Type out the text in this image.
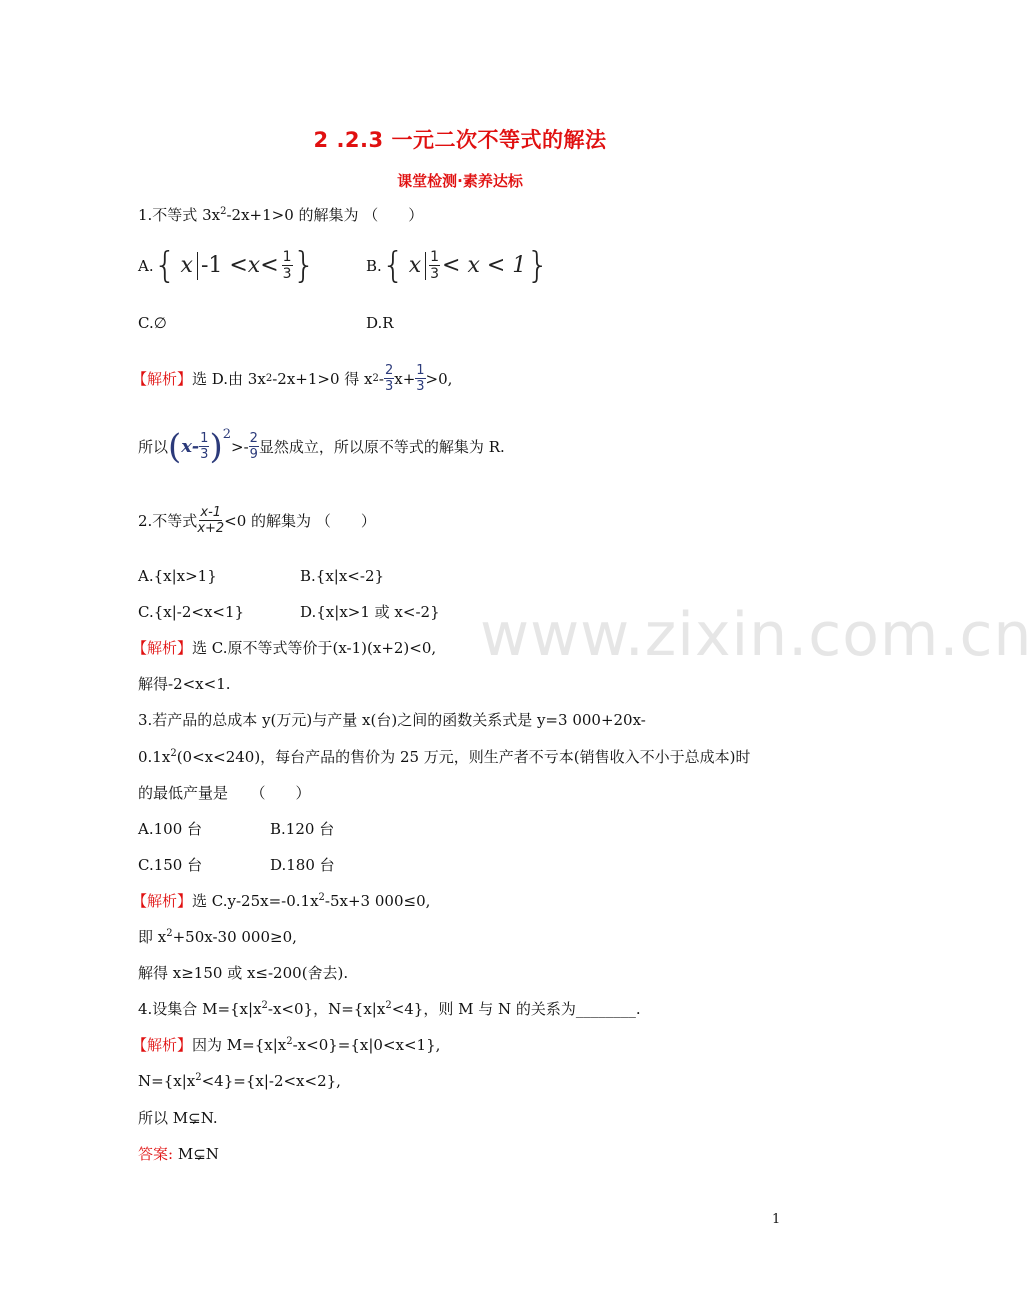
www.zixin.com.cn
2 .2.3 一元二次不等式的解法
课堂检测·素养达标
1.不等式 $3x^2-2x+1>0$ 的解集为 （　　）
A. { x $-1 < x < \frac{1}{3}$ }	B. { x $\frac{1}{3} < x < 1$ }
C.∅	D.R
【解析】 选 D.由 3x 2 -2x+1>0 得 x $2 - \frac{2}{3} x+ \frac{1}{3} >0$,
所以 ( $x- \frac{1}{3}$ ) 2
>- $\frac{2}{9}$ 显然成立，所以原不等式的解集为 R.
2.不等式 $\frac{x-1}{x+2} <0$ 的解集为 （　　）
A.{x|x>1}	B.{x|x<-2}
C.{x|-2<x<1}	D.{x|x>1 或 x<-2}
【解析】选 C.原不等式等价于(x-1)(x+2)<0,
解得-2<x<1.
3.若产品的总成本 y(万元)与产量 x(台)之间的函数关系式是 y=3 000+20x-
$0.1x^2(0<x<240)$，每台产品的售价为 25 万元，则生产者不亏本(销售收入不小于总成本)时
的最低产量是　　（　　）
A.100 台	B.120 台
C.150 台	D.180 台
【解析】选 $C.y-25x=-0.1x^2-5x+3$ 000≤0,
即 $x^2+50x-30$ 000≥0,
解得 x≥150 或 x≤-200(舍去).
4.设集合 $M=\{x|x^2-x<0\}$，$N=\{x|x^2<4\}$，则 M 与 N 的关系为________.
【解析】因为 $M=\{x|x^2-x<0\}=\{x|0<x<1\}$,
$N=\{x|x^2<4\}=\{x|-2<x<2\}$,
所以 M⊊N.
答案: M⊊N
1
